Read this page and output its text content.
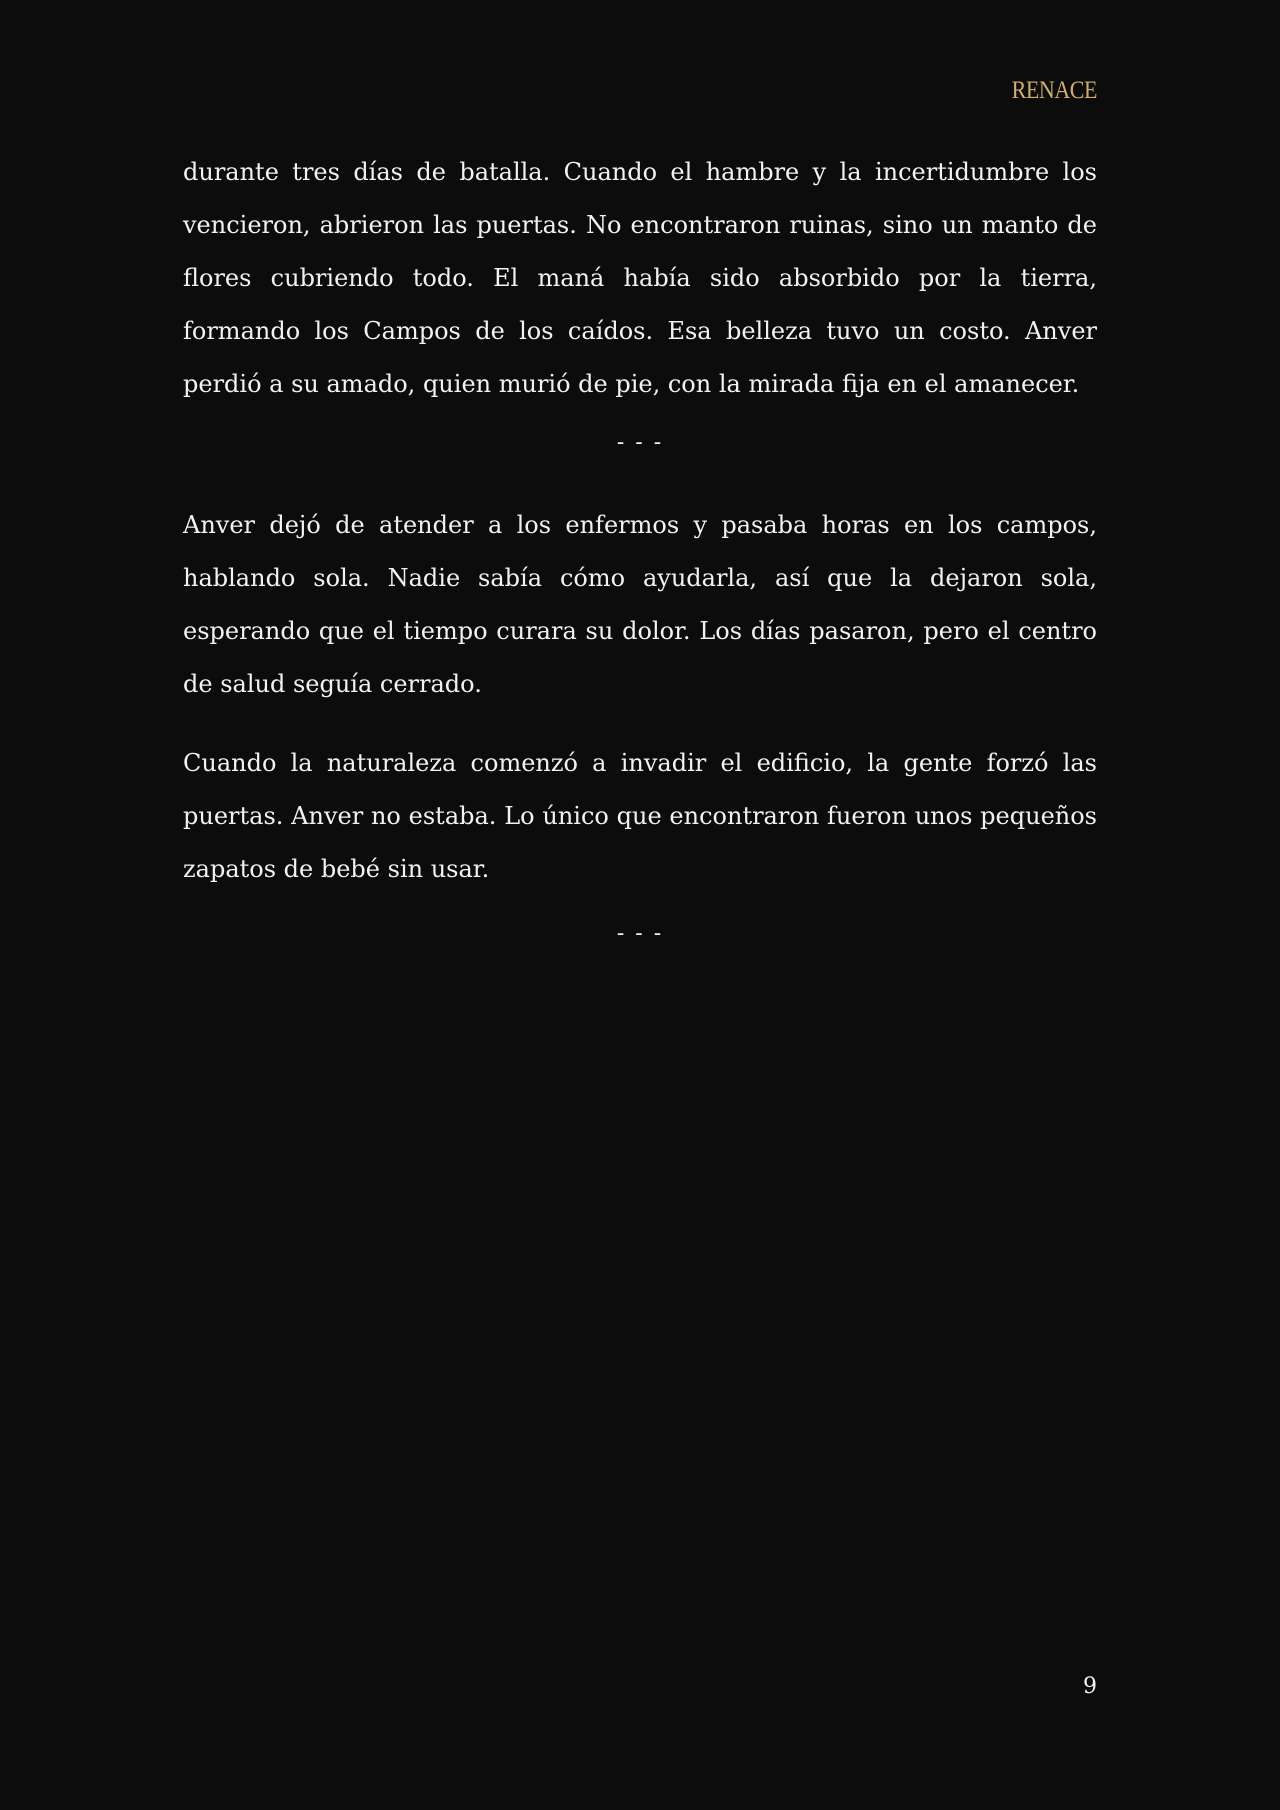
RENACE

durante tres días de batalla. Cuando el hambre y la incertidumbre los vencieron, abrieron las puertas. No encontraron ruinas, sino un manto de flores cubriendo todo. El maná había sido absorbido por la tierra, formando los Campos de los caídos. Esa belleza tuvo un costo. Anver perdió a su amado, quien murió de pie, con la mirada fija en el amanecer.

- - -

Anver dejó de atender a los enfermos y pasaba horas en los campos, hablando sola. Nadie sabía cómo ayudarla, así que la dejaron sola, esperando que el tiempo curara su dolor. Los días pasaron, pero el centro de salud seguía cerrado.

Cuando la naturaleza comenzó a invadir el edificio, la gente forzó las puertas. Anver no estaba. Lo único que encontraron fueron unos pequeños zapatos de bebé sin usar.

- - -
9
